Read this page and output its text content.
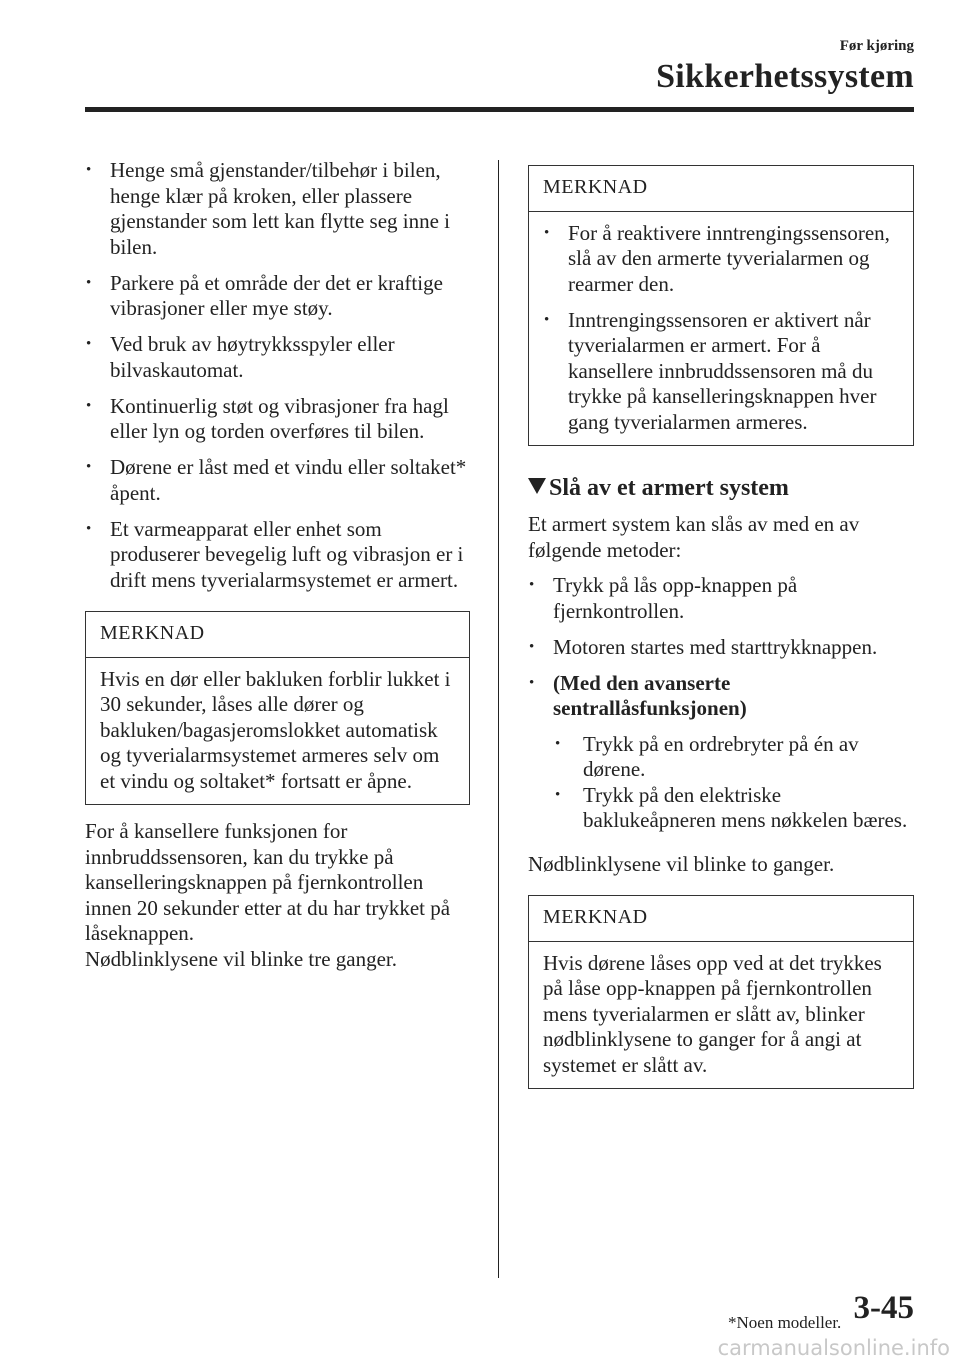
Før kjøring
Sikkerhetssystem
• Henge små gjenstander/tilbehør i bilen, henge klær på kroken, eller plassere gjenstander som lett kan flytte seg inne i bilen.
• Parkere på et område der det er kraftige vibrasjoner eller mye støy.
• Ved bruk av høytrykksspyler eller bilvaskautomat.
• Kontinuerlig støt og vibrasjoner fra hagl eller lyn og torden overføres til bilen.
• Dørene er låst med et vindu eller soltaket* åpent.
• Et varmeapparat eller enhet som produserer bevegelig luft og vibrasjon er i drift mens tyverialarmsystemet er armert.
MERKNAD

Hvis en dør eller bakluken forblir lukket i 30 sekunder, låses alle dører og bakluken/bagasjeromslokket automatisk og tyverialarmsystemet armeres selv om et vindu og soltaket* fortsatt er åpne.

For å kansellere funksjonen for innbruddssensoren, kan du trykke på kanselleringsknappen på fjernkontrollen innen 20 sekunder etter at du har trykket på låseknappen.

Nødblinklysene vil blinke tre ganger.

MERKNAD
• For å reaktivere inntrengingssensoren, slå av den armerte tyverialarmen og rearmer den.
• Inntrengingssensoren er aktivert når tyverialarmen er armert. For å kansellere innbruddssensoren må du trykke på kanselleringsknappen hver gang tyverialarmen armeres.
Slå av et armert system

Et armert system kan slås av med en av følgende metoder:

• Trykk på lås opp-knappen på fjernkontrollen.
• Motoren startes med starttrykknappen.
• (Med den avanserte sentrallåsfunksjonen)
• Trykk på en ordrebryter på én av dørene.
• Trykk på den elektriske baklukeåpneren mens nøkkelen bæres.

Nødblinklysene vil blinke to ganger.

MERKNAD

Hvis dørene låses opp ved at det trykkes på låse opp-knappen på fjernkontrollen mens tyverialarmen er slått av, blinker nødblinklysene to ganger for å angi at systemet er slått av.

*Noen modeller. 3-45
carmanualsonline.info
